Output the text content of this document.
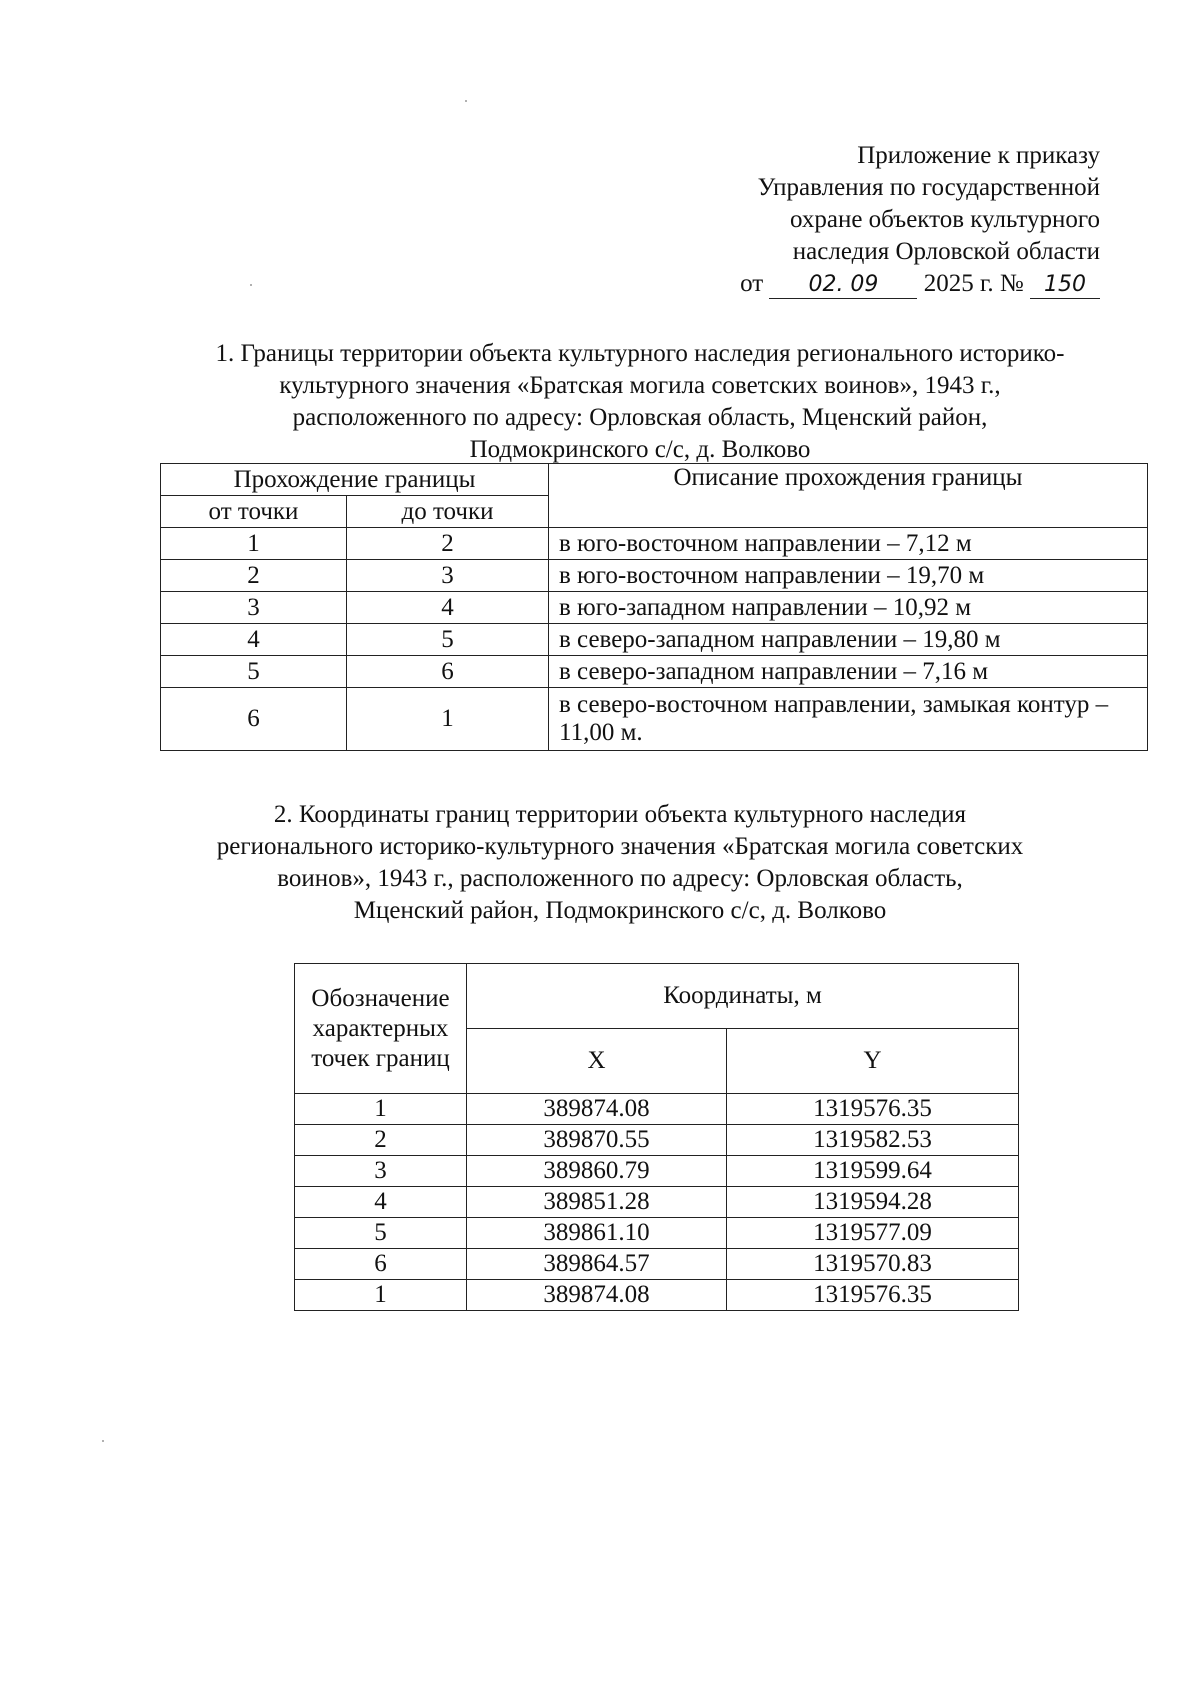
Приложение к приказу
Управления по государственной
охране объектов культурного
наследия Орловской области
от 02. 09 2025 г. № 150
1. Границы территории объекта культурного наследия регионального историко-
культурного значения «Братская могила советских воинов», 1943 г.,
расположенного по адресу: Орловская область, Мценский район,
Подмокринского с/с, д. Волково
Прохождение границы		Описание прохождения границы
от точки	до точки	
1	2	в юго-восточном направлении – 7,12 м
2	3	в юго-восточном направлении – 19,70 м
3	4	в юго-западном направлении – 10,92 м
4	5	в северо-западном направлении – 19,80 м
5	6	в северо-западном направлении – 7,16 м
6	1	в северо-восточном направлении, замыкая контур – 11,00 м.
2. Координаты границ территории объекта культурного наследия
регионального историко-культурного значения «Братская могила советских
воинов», 1943 г., расположенного по адресу: Орловская область,
Мценский район, Подмокринского с/с, д. Волково
Обозначение характерных точек границ	Координаты, м	
	X	Y
1	389874.08	1319576.35
2	389870.55	1319582.53
3	389860.79	1319599.64
4	389851.28	1319594.28
5	389861.10	1319577.09
6	389864.57	1319570.83
1	389874.08	1319576.35
